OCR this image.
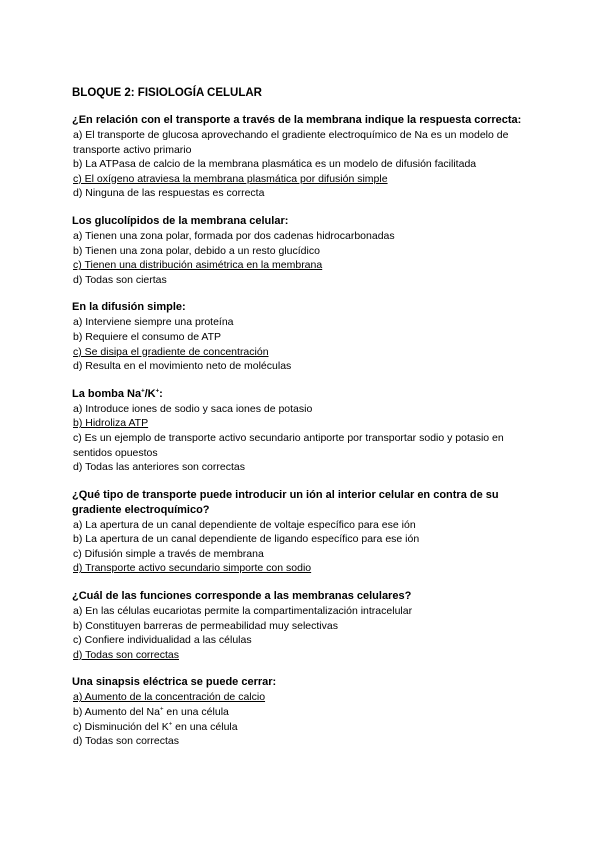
BLOQUE 2: FISIOLOGÍA CELULAR
¿En relación con el transporte a través de la membrana indique la respuesta correcta:
a) El transporte de glucosa aprovechando el gradiente electroquímico de Na es un modelo de transporte activo primario
b) La ATPasa de calcio de la membrana plasmática es un modelo de difusión facilitada
c) El oxígeno atraviesa la membrana plasmática por difusión simple
d) Ninguna de las respuestas es correcta
Los glucolípidos de la membrana celular:
a) Tienen una zona polar, formada por dos cadenas hidrocarbonadas
b) Tienen una zona polar, debido a un resto glucídico
c) Tienen una distribución asimétrica en la membrana
d) Todas son ciertas
En la difusión simple:
a) Interviene siempre una proteína
b) Requiere el consumo de ATP
c) Se disipa el gradiente de concentración
d) Resulta en el movimiento neto de moléculas
La bomba Na+/K+:
a) Introduce iones de sodio y saca iones de potasio
b) Hidroliza ATP
c) Es un ejemplo de transporte activo secundario antiporte por transportar sodio y potasio en sentidos opuestos
d) Todas las anteriores son correctas
¿Qué tipo de transporte puede introducir un ión al interior celular en contra de su gradiente electroquímico?
a) La apertura de un canal dependiente de voltaje específico para ese ión
b) La apertura de un canal dependiente de ligando específico para ese ión
c) Difusión simple a través de membrana
d) Transporte activo secundario simporte con sodio
¿Cuál de las funciones corresponde a las membranas celulares?
a) En las células eucariotas permite la compartimentalización intracelular
b) Constituyen barreras de permeabilidad muy selectivas
c) Confiere individualidad a las células
d) Todas son correctas
Una sinapsis eléctrica se puede cerrar:
a) Aumento de la concentración de calcio
b) Aumento del Na+ en una célula
c) Disminución del K+ en una célula
d) Todas son correctas
